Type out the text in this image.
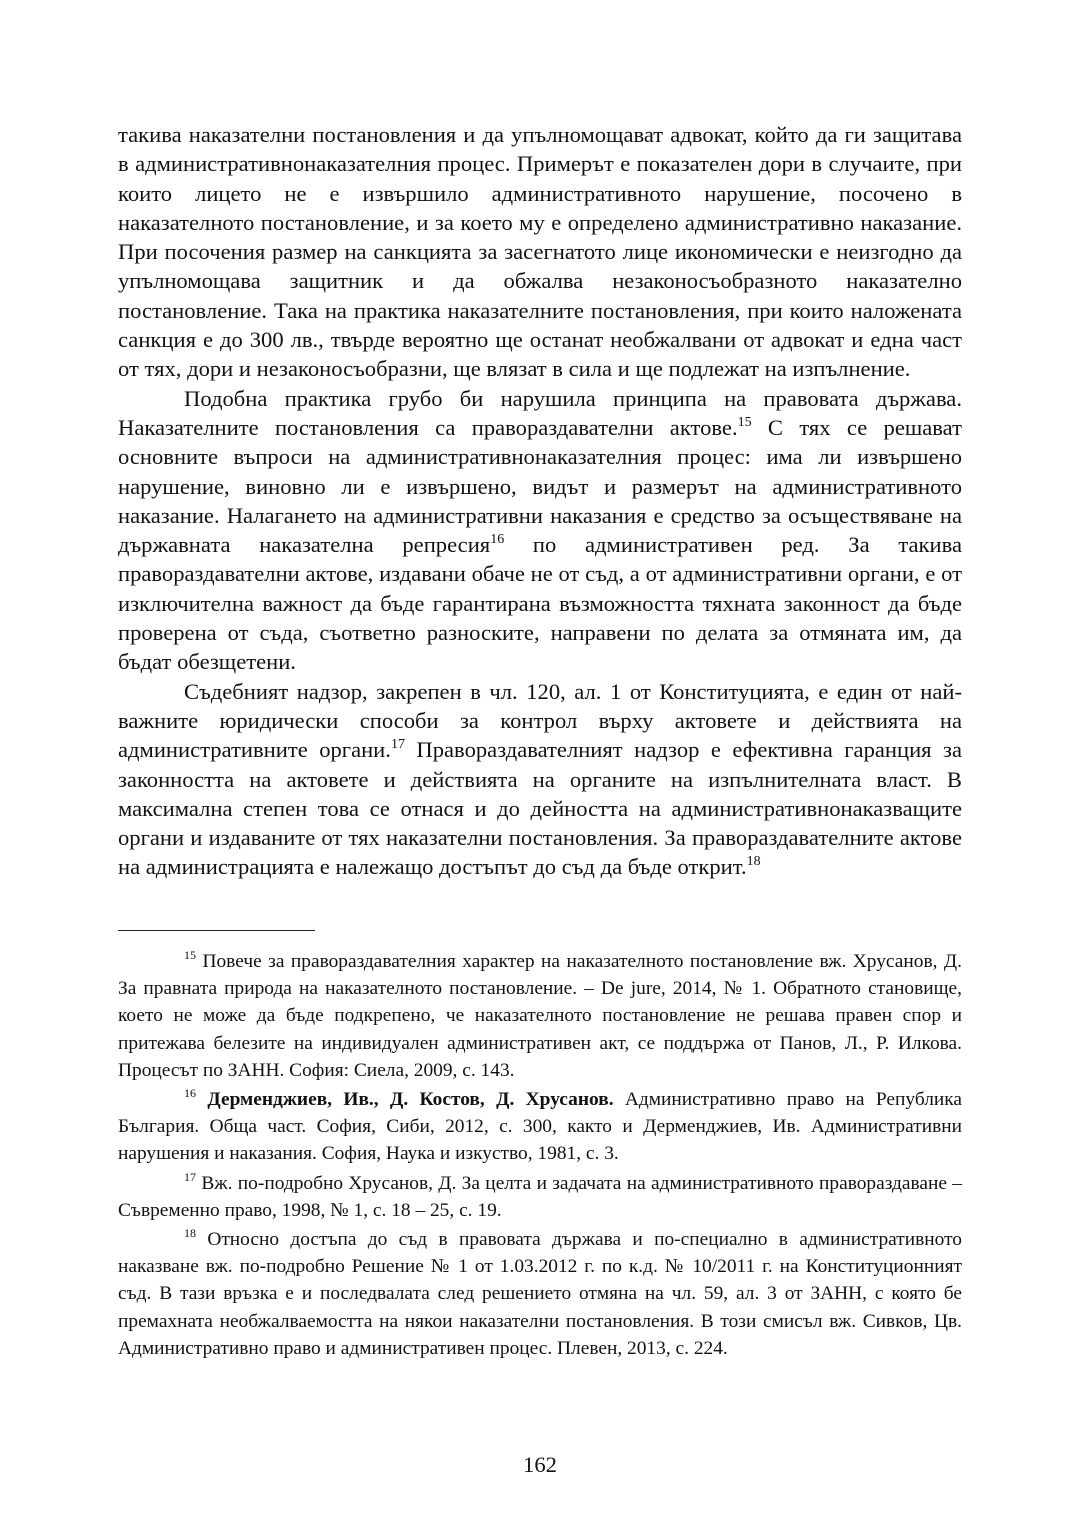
такива наказателни постановления и да упълномощават адвокат, който да ги защитава в административнонаказателния процес. Примерът е показателен дори в случаите, при които лицето не е извършило административното нарушение, посочено в наказателното постановление, и за което му е определено административно наказание. При посочения размер на санкцията за засегнатото лице икономически е неизгодно да упълномощава защитник и да обжалва незаконосъобразното наказателно постановление. Така на практика наказателните постановления, при които наложената санкция е до 300 лв., твърде вероятно ще останат необжалвани от адвокат и една част от тях, дори и незаконосъобразни, ще влязат в сила и ще подлежат на изпълнение.

Подобна практика грубо би нарушила принципа на правовата държава. Наказателните постановления са правораздавателни актове.$^{15}$ С тях се решават основните въпроси на административнонаказателния процес: има ли извършено нарушение, виновно ли е извършено, видът и размерът на административното наказание. Налагането на административни наказания е средство за осъществяване на държавната наказателна репресия$^{16}$ по административен ред. За такива правораздавателни актове, издавани обаче не от съд, а от административни органи, е от изключителна важност да бъде гарантирана възможността тяхната законност да бъде проверена от съда, съответно разноските, направени по делата за отмяната им, да бъдат обезщетени.

Съдебният надзор, закрепен в чл. 120, ал. 1 от Конституцията, е един от най-важните юридически способи за контрол върху актовете и действията на административните органи.$^{17}$ Правораздавателният надзор е ефективна гаранция за законността на актовете и действията на органите на изпълнителната власт. В максимална степен това се отнася и до дейността на административнонаказващите органи и издаваните от тях наказателни постановления. За правораздавателните актове на администрацията е належащо достъпът до съд да бъде открит.$^{18}$

$^{15}$ Повече за правораздавателния характер на наказателното постановление вж. Хрусанов, Д. За правната природа на наказателното постановление. – De jure, 2014, № 1. Обратното становище, което не може да бъде подкрепено, че наказателното постановление не решава правен спор и притежава белезите на индивидуален административен акт, се поддържа от Панов, Л., Р. Илкова. Процесът по ЗАНН. София: Сиела, 2009, с. 143.

$^{16}$ Дерменджиев, Ив., Д. Костов, Д. Хрусанов. Административно право на Република България. Обща част. София, Сиби, 2012, с. 300, както и Дерменджиев, Ив. Административни нарушения и наказания. София, Наука и изкуство, 1981, с. 3.

$^{17}$ Вж. по-подробно Хрусанов, Д. За целта и задачата на административното правораздаване – Съвременно право, 1998, № 1, с. 18 – 25, с. 19.

$^{18}$ Относно достъпа до съд в правовата държава и по-специално в административното наказване вж. по-подробно Решение № 1 от 1.03.2012 г. по к.д. № 10/2011 г. на Конституционният съд. В тази връзка е и последвалата след решението отмяна на чл. 59, ал. 3 от ЗАНН, с която бе премахната необжалваемостта на някои наказателни постановления. В този смисъл вж. Сивков, Цв. Административно право и административен процес. Плевен, 2013, с. 224.

162
